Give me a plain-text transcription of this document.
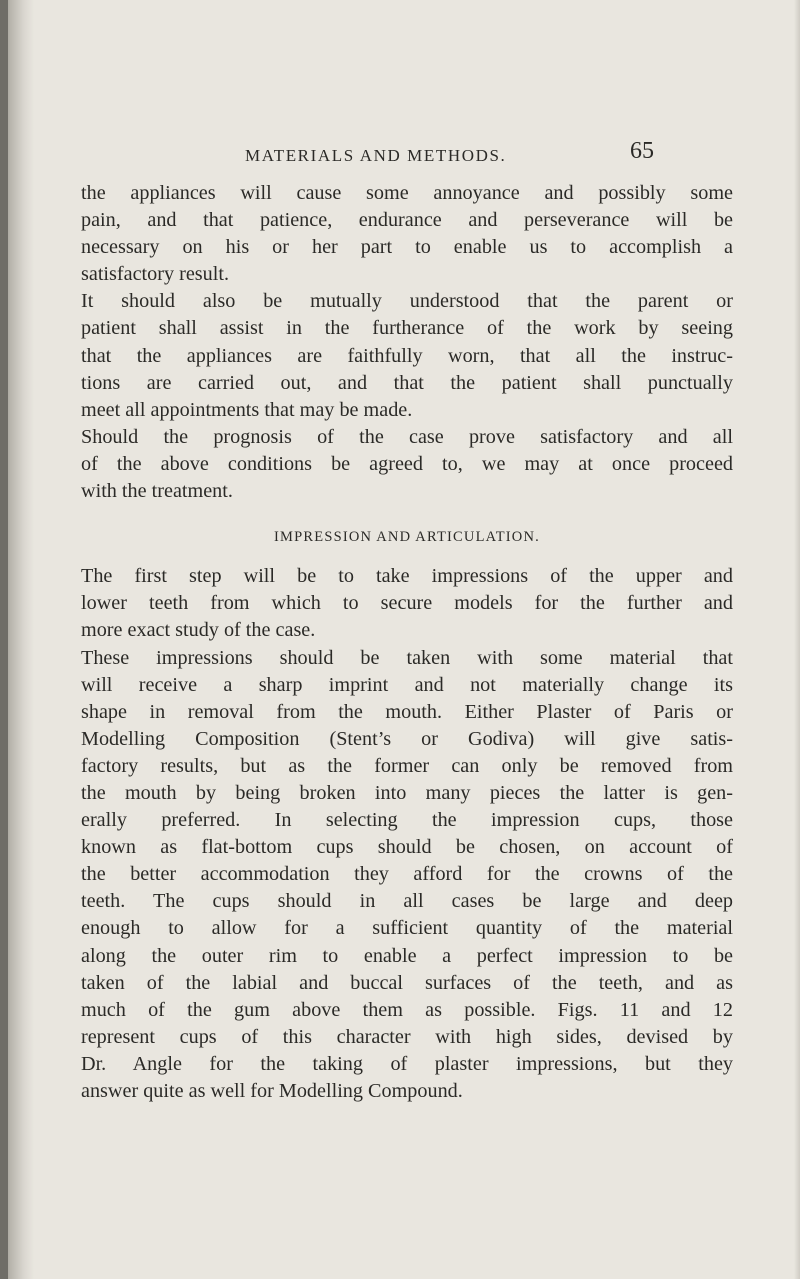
MATERIALS AND METHODS.	65
the appliances will cause some annoyance and possibly some
pain, and that patience, endurance and perseverance will be
necessary on his or her part to enable us to accomplish a
satisfactory result.
It should also be mutually understood that the parent or
patient shall assist in the furtherance of the work by seeing
that the appliances are faithfully worn, that all the instruc-
tions are carried out, and that the patient shall punctually
meet all appointments that may be made.
Should the prognosis of the case prove satisfactory and all
of the above conditions be agreed to, we may at once proceed
with the treatment.
IMPRESSION AND ARTICULATION.
The first step will be to take impressions of the upper and
lower teeth from which to secure models for the further and
more exact study of the case.
These impressions should be taken with some material that
will receive a sharp imprint and not materially change its
shape in removal from the mouth. Either Plaster of Paris or
Modelling Composition (Stent’s or Godiva) will give satis-
factory results, but as the former can only be removed from
the mouth by being broken into many pieces the latter is gen-
erally preferred. In selecting the impression cups, those
known as flat-bottom cups should be chosen, on account of
the better accommodation they afford for the crowns of the
teeth. The cups should in all cases be large and deep
enough to allow for a sufficient quantity of the material
along the outer rim to enable a perfect impression to be
taken of the labial and buccal surfaces of the teeth, and as
much of the gum above them as possible. Figs. 11 and 12
represent cups of this character with high sides, devised by
Dr. Angle for the taking of plaster impressions, but they
answer quite as well for Modelling Compound.
